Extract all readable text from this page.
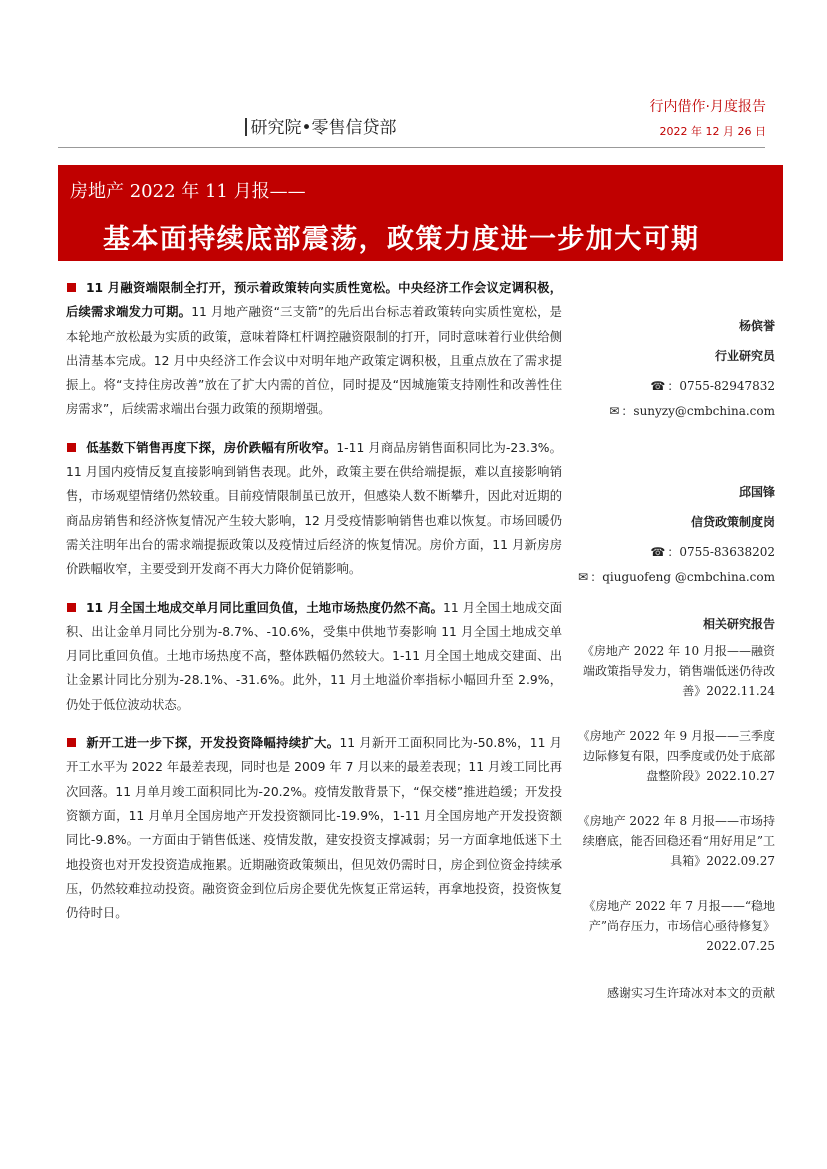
研究院•零售信贷部
行内借作·月度报告
2022 年 12 月 26 日
房地产 2022 年 11 月报——
基本面持续底部震荡，政策力度进一步加大可期

11 月融资端限制全打开，预示着政策转向实质性宽松。中央经济工作会议定调积极，后续需求端发力可期。11 月地产融资“三支箭”的先后出台标志着政策转向实质性宽松，是本轮地产放松最为实质的政策，意味着降杠杆调控融资限制的打开，同时意味着行业供给侧出清基本完成。12 月中央经济工作会议中对明年地产政策定调积极，且重点放在了需求提振上。将“支持住房改善”放在了扩大内需的首位，同时提及“因城施策支持刚性和改善性住房需求”，后续需求端出台强力政策的预期增强。

低基数下销售再度下探，房价跌幅有所收窄。1-11 月商品房销售面积同比为-23.3%。11 月国内疫情反复直接影响到销售表现。此外，政策主要在供给端提振，难以直接影响销售，市场观望情绪仍然较重。目前疫情限制虽已放开，但感染人数不断攀升，因此对近期的商品房销售和经济恢复情况产生较大影响，12 月受疫情影响销售也难以恢复。市场回暖仍需关注明年出台的需求端提振政策以及疫情过后经济的恢复情况。房价方面，11 月新房房价跌幅收窄，主要受到开发商不再大力降价促销影响。

11 月全国土地成交单月同比重回负值，土地市场热度仍然不高。11 月全国土地成交面积、出让金单月同比分别为-8.7%、-10.6%，受集中供地节奏影响 11 月全国土地成交单月同比重回负值。土地市场热度不高，整体跌幅仍然较大。1-11 月全国土地成交建面、出让金累计同比分别为-28.1%、-31.6%。此外，11 月土地溢价率指标小幅回升至 2.9%，仍处于低位波动状态。

新开工进一步下探，开发投资降幅持续扩大。11 月新开工面积同比为-50.8%，11 月开工水平为 2022 年最差表现，同时也是 2009 年 7 月以来的最差表现；11 月竣工同比再次回落。11 月单月竣工面积同比为-20.2%。疫情发散背景下，“保交楼”推进趋缓；开发投资额方面，11 月单月全国房地产开发投资额同比-19.9%，1-11 月全国房地产开发投资额同比-9.8%。一方面由于销售低迷、疫情发散，建安投资支撑减弱；另一方面拿地低迷下土地投资也对开发投资造成拖累。近期融资政策频出，但见效仍需时日，房企到位资金持续承压，仍然较难拉动投资。融资资金到位后房企要优先恢复正常运转，再拿地投资，投资恢复仍待时日。

杨傧誉
行业研究员
☎ ：0755-82947832
✉ ：sunyzy@cmbchina.com
邱国锋
信贷政策制度岗
☎ ：0755-83638202
✉ ：qiuguofeng @cmbchina.com
相关研究报告
《房地产 2022 年 10 月报——融资端政策指导发力，销售端低迷仍待改善》2022.11.24
《房地产 2022 年 9 月报——三季度边际修复有限，四季度或仍处于底部盘整阶段》2022.10.27
《房地产 2022 年 8 月报——市场持续磨底，能否回稳还看“用好用足”工具箱》2022.09.27
《房地产 2022 年 7 月报——“稳地产”尚存压力，市场信心亟待修复》2022.07.25
感谢实习生许琦冰对本文的贡献
